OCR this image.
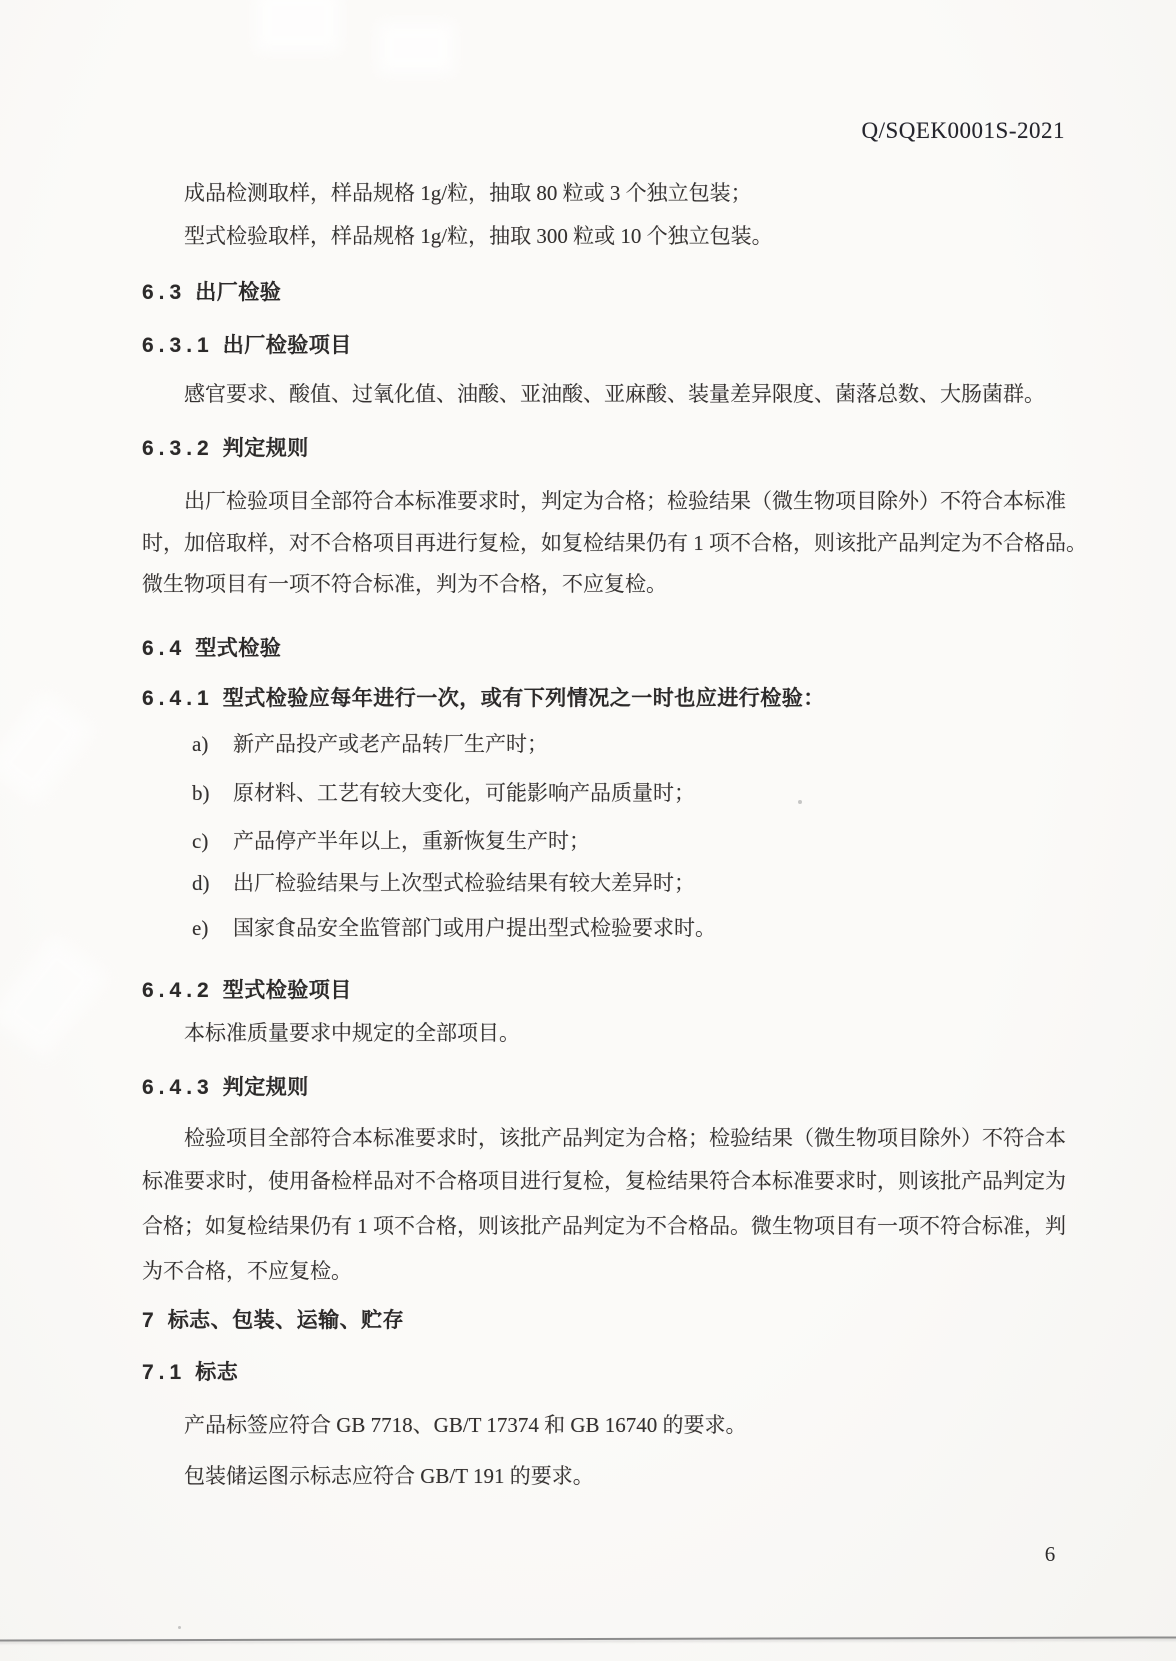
Q/SQEK0001S-2021
成品检测取样，样品规格 1g/粒，抽取 80 粒或 3 个独立包装；
型式检验取样，样品规格 1g/粒，抽取 300 粒或 10 个独立包装。
6.3 出厂检验
6.3.1 出厂检验项目
感官要求、酸值、过氧化值、油酸、亚油酸、亚麻酸、装量差异限度、菌落总数、大肠菌群。
6.3.2 判定规则
出厂检验项目全部符合本标准要求时，判定为合格；检验结果（微生物项目除外）不符合本标准
时，加倍取样，对不合格项目再进行复检，如复检结果仍有 1 项不合格，则该批产品判定为不合格品。
微生物项目有一项不符合标准，判为不合格，不应复检。
6.4 型式检验
6.4.1 型式检验应每年进行一次，或有下列情况之一时也应进行检验：
a) 新产品投产或老产品转厂生产时；
b) 原材料、工艺有较大变化，可能影响产品质量时；
c) 产品停产半年以上，重新恢复生产时；
d) 出厂检验结果与上次型式检验结果有较大差异时；
e) 国家食品安全监管部门或用户提出型式检验要求时。
6.4.2 型式检验项目
本标准质量要求中规定的全部项目。
6.4.3 判定规则
检验项目全部符合本标准要求时，该批产品判定为合格；检验结果（微生物项目除外）不符合本
标准要求时，使用备检样品对不合格项目进行复检，复检结果符合本标准要求时，则该批产品判定为
合格；如复检结果仍有 1 项不合格，则该批产品判定为不合格品。微生物项目有一项不符合标准，判
为不合格，不应复检。
7 标志、包装、运输、贮存
7.1 标志
产品标签应符合 GB 7718、GB/T 17374 和 GB 16740 的要求。
包装储运图示标志应符合 GB/T 191 的要求。
6
